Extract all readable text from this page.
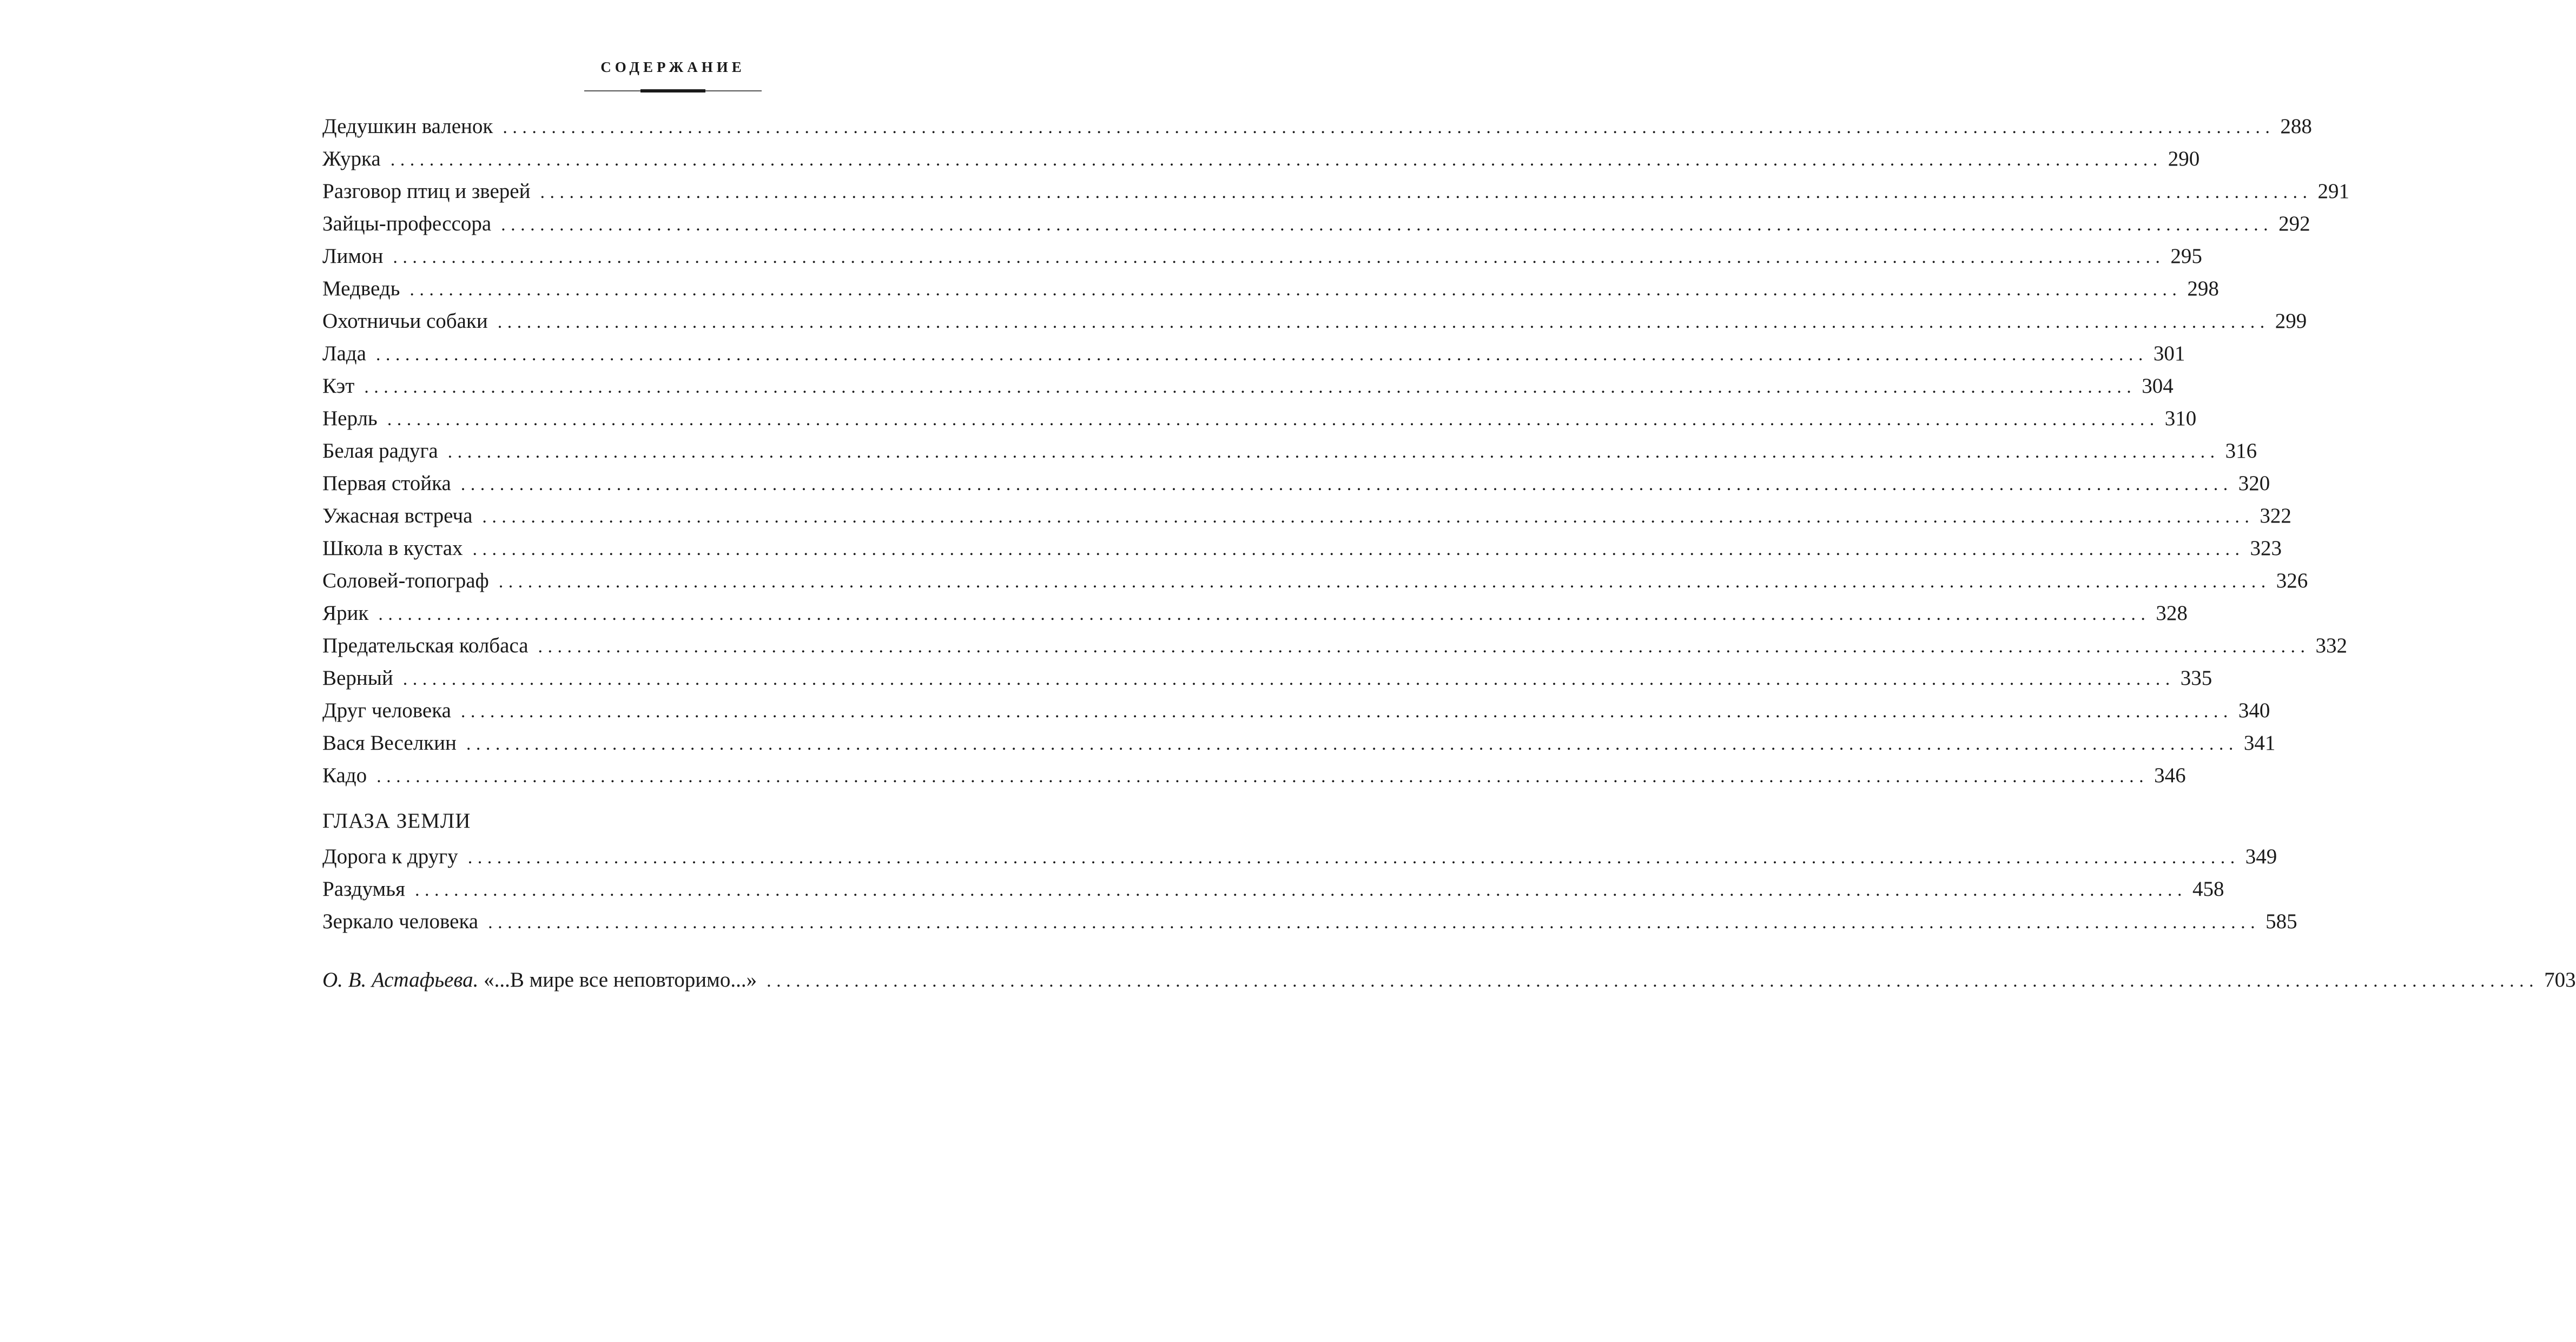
СОДЕРЖАНИЕ
Дедушкин валенок ...................................................................................................................................................................................... 288
Журка ...................................................................................................................................................................................... 290
Разговор птиц и зверей ...................................................................................................................................................................................... 291
Зайцы-профессора ...................................................................................................................................................................................... 292
Лимон ...................................................................................................................................................................................... 295
Медведь ...................................................................................................................................................................................... 298
Охотничьи собаки ...................................................................................................................................................................................... 299
Лада ...................................................................................................................................................................................... 301
Кэт ...................................................................................................................................................................................... 304
Нерль ...................................................................................................................................................................................... 310
Белая радуга ...................................................................................................................................................................................... 316
Первая стойка ...................................................................................................................................................................................... 320
Ужасная встреча ...................................................................................................................................................................................... 322
Школа в кустах ...................................................................................................................................................................................... 323
Соловей-топограф ...................................................................................................................................................................................... 326
Ярик ...................................................................................................................................................................................... 328
Предательская колбаса ...................................................................................................................................................................................... 332
Верный ...................................................................................................................................................................................... 335
Друг человека ...................................................................................................................................................................................... 340
Вася Веселкин ...................................................................................................................................................................................... 341
Кадо ...................................................................................................................................................................................... 346
ГЛАЗА ЗЕМЛИ
Дорога к другу ...................................................................................................................................................................................... 349
Раздумья ...................................................................................................................................................................................... 458
Зеркало человека ...................................................................................................................................................................................... 585
О. В. Астафьева. «...В мире все неповторимо...» ...................................................................................................................................................................................... 703
